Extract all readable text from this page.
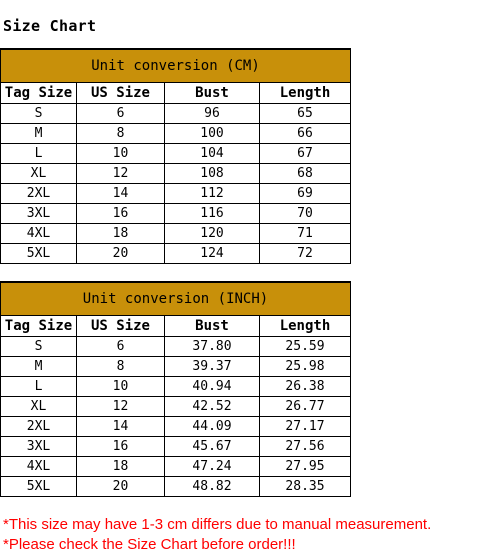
Size Chart
Unit conversion (CM)			
Tag Size	US Size	Bust	Length
S	6	96	65
M	8	100	66
L	10	104	67
XL	12	108	68
2XL	14	112	69
3XL	16	116	70
4XL	18	120	71
5XL	20	124	72
Unit conversion (INCH)			
Tag Size	US Size	Bust	Length
S	6	37.80	25.59
M	8	39.37	25.98
L	10	40.94	26.38
XL	12	42.52	26.77
2XL	14	44.09	27.17
3XL	16	45.67	27.56
4XL	18	47.24	27.95
5XL	20	48.82	28.35
*This size may have 1-3 cm differs due to manual measurement.
*Please check the Size Chart before order!!!
